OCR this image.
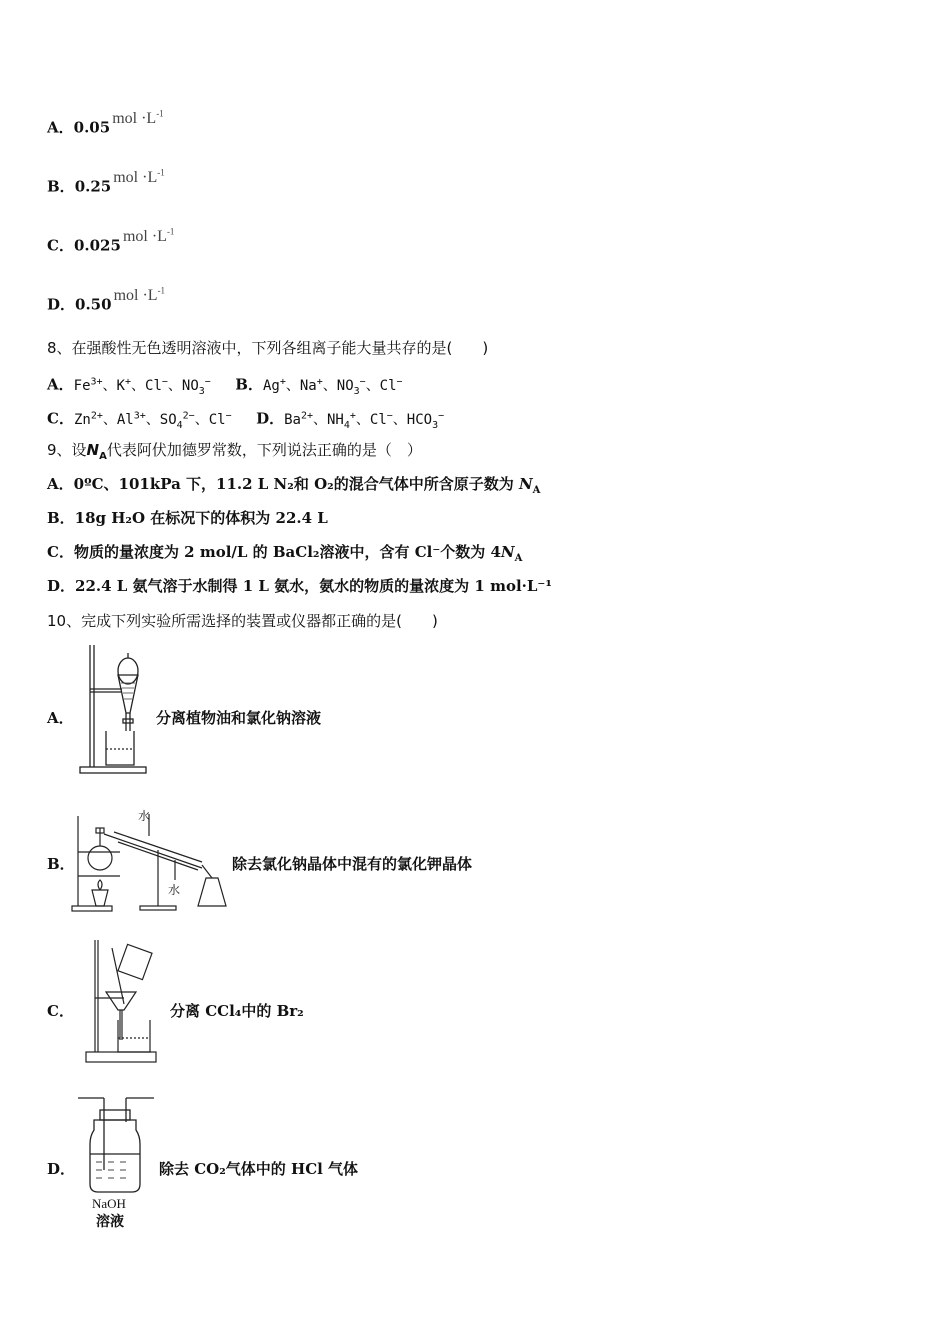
A．0.05 mol $\cdot L^{-1}$
B．0.25 mol $\cdot L^{-1}$
C．0.025 mol $\cdot L^{-1}$
D．0.50 mol $\cdot L^{-1}$
8、在强酸性无色透明溶液中，下列各组离子能大量共存的是(　　)
A．$Fe^{3+}$、K+、Cl−、$NO_3^-$ B．Ag+、Na+、$NO_3^-$、Cl−
C．$Zn^{2+}$、$Al^{3+}$、$SO_4^{2-}$、Cl− D．$Ba^{2+}$、$NH_4^+$、Cl−、$HCO_3^-$
9、设$N_A$代表阿伏加德罗常数，下列说法正确的是（　）
A．0ºC、101kPa 下，11.2 L N₂和 O₂的混合气体中所含原子数为 $N_A$
B．18g H₂O 在标况下的体积为 22.4 L
C．物质的量浓度为 2 mol/L 的 BaCl₂溶液中，含有 Cl⁻个数为 $4N_A$
D．22.4 L 氨气溶于水制得 1 L 氨水，氨水的物质的量浓度为 1 mol·L⁻¹
10、完成下列实验所需选择的装置或仪器都正确的是(　　)
A．	分离植物油和氯化钠溶液
B．
水
水
除去氯化钠晶体中混有的氯化钾晶体
C．	分离 CCl₄中的 Br₂
D．
NaOH
溶液
除去 CO₂气体中的 HCl 气体
